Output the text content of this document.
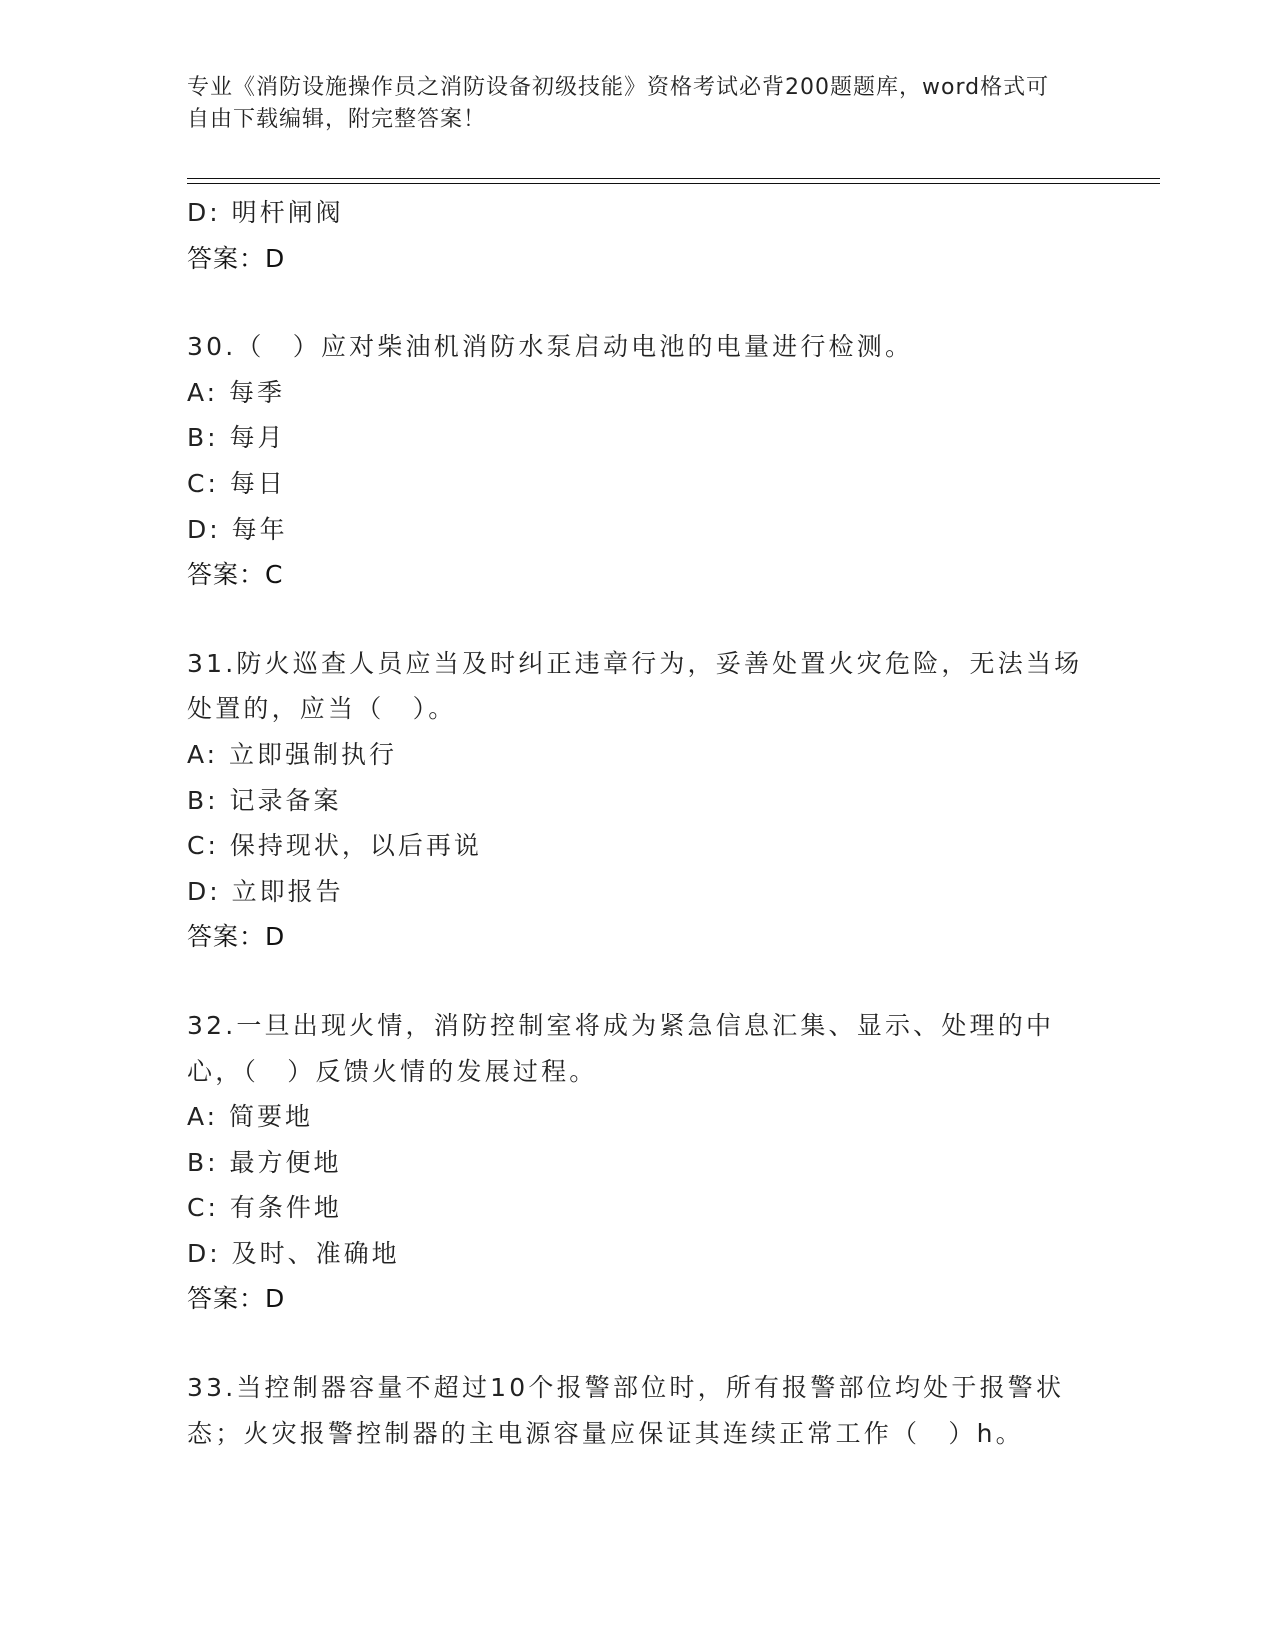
专业《消防设施操作员之消防设备初级技能》资格考试必背200题题库，word格式可自由下载编辑，附完整答案！
D: 明杆闸阀
答案：D
30.（　）应对柴油机消防水泵启动电池的电量进行检测。
A: 每季
B: 每月
C: 每日
D: 每年
答案：C
31.防火巡查人员应当及时纠正违章行为，妥善处置火灾危险，无法当场处置的，应当（　）。
A: 立即强制执行
B: 记录备案
C: 保持现状，以后再说
D: 立即报告
答案：D
32.一旦出现火情，消防控制室将成为紧急信息汇集、显示、处理的中心，（　）反馈火情的发展过程。
A: 简要地
B: 最方便地
C: 有条件地
D: 及时、准确地
答案：D
33.当控制器容量不超过10个报警部位时，所有报警部位均处于报警状态；火灾报警控制器的主电源容量应保证其连续正常工作（　）h。
